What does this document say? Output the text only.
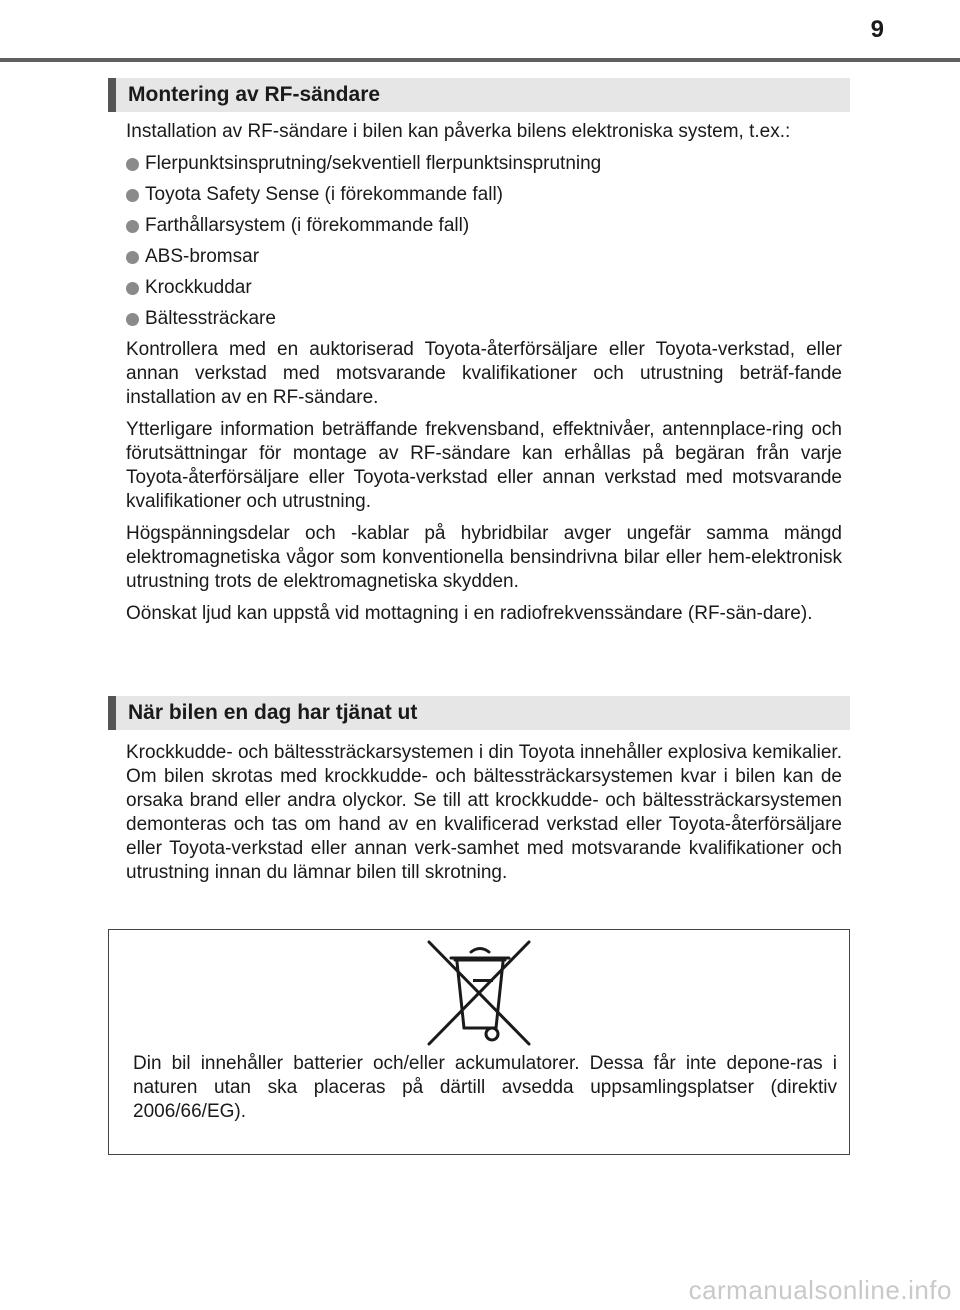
9
Montering av RF-sändare

Installation av RF-sändare i bilen kan påverka bilens elektroniska system, t.ex.:

Flerpunktsinsprutning/sekventiell flerpunktsinsprutning
Toyota Safety Sense (i förekommande fall)
Farthållarsystem (i förekommande fall)
ABS-bromsar
Krockkuddar
Bältessträckare

Kontrollera med en auktoriserad Toyota-återförsäljare eller Toyota-verkstad, eller annan verkstad med motsvarande kvalifikationer och utrustning beträf-fande installation av en RF-sändare.

Ytterligare information beträffande frekvensband, effektnivåer, antennplace-ring och förutsättningar för montage av RF-sändare kan erhållas på begäran från varje Toyota-återförsäljare eller Toyota-verkstad eller annan verkstad med motsvarande kvalifikationer och utrustning.

Högspänningsdelar och -kablar på hybridbilar avger ungefär samma mängd elektromagnetiska vågor som konventionella bensindrivna bilar eller hem-elektronisk utrustning trots de elektromagnetiska skydden.

Oönskat ljud kan uppstå vid mottagning i en radiofrekvenssändare (RF-sän-dare).

När bilen en dag har tjänat ut

Krockkudde- och bältessträckarsystemen i din Toyota innehåller explosiva kemikalier. Om bilen skrotas med krockkudde- och bältessträckarsystemen kvar i bilen kan de orsaka brand eller andra olyckor. Se till att krockkudde- och bältessträckarsystemen demonteras och tas om hand av en kvalificerad verkstad eller Toyota-återförsäljare eller Toyota-verkstad eller annan verk-samhet med motsvarande kvalifikationer och utrustning innan du lämnar bilen till skrotning.

Din bil innehåller batterier och/eller ackumulatorer. Dessa får inte depone-ras i naturen utan ska placeras på därtill avsedda uppsamlingsplatser (direktiv 2006/66/EG).
carmanualsonline.info
